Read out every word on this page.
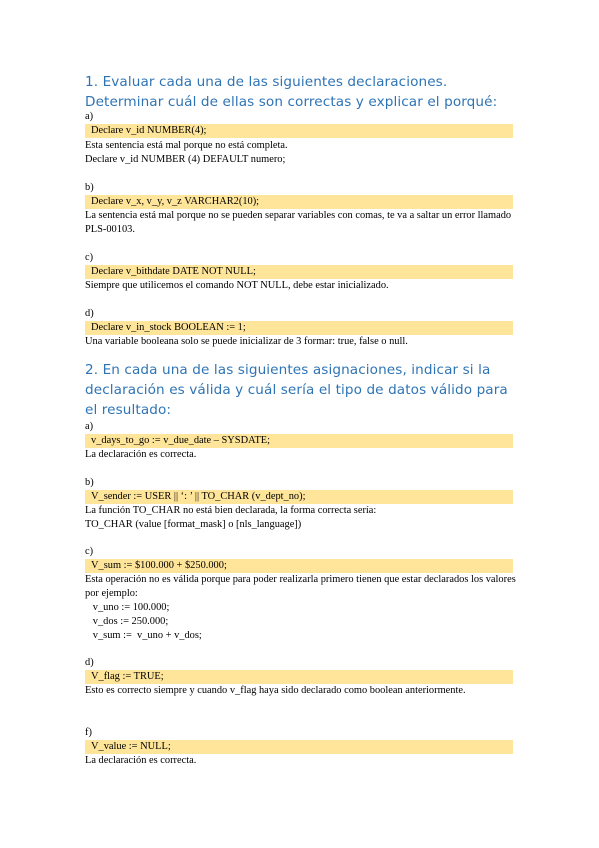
1. Evaluar cada una de las siguientes declaraciones. Determinar cuál de ellas son correctas y explicar el porqué:
a)
Declare v_id NUMBER(4);
Esta sentencia está mal porque no está completa.
Declare v_id NUMBER (4) DEFAULT numero;
b)
Declare v_x, v_y, v_z VARCHAR2(10);
La sentencia está mal porque no se pueden separar variables con comas, te va a saltar un error llamado PLS-00103.
c)
Declare v_bithdate DATE NOT NULL;
Siempre que utilicemos el comando NOT NULL, debe estar inicializado.
d)
Declare v_in_stock BOOLEAN := 1;
Una variable booleana solo se puede inicializar de 3 formar: true, false o null.
2. En cada una de las siguientes asignaciones, indicar si la declaración es válida y cuál sería el tipo de datos válido para el resultado:
a)
v_days_to_go := v_due_date – SYSDATE;
La declaración es correcta.
b)
V_sender := USER || ‘: ’ || TO_CHAR (v_dept_no);
La función TO_CHAR no está bien declarada, la forma correcta sería:
TO_CHAR (value [format_mask] o [nls_language])
c)
V_sum := $100.000 + $250.000;
Esta operación no es válida porque para poder realizarla primero tienen que estar declarados los valores por ejemplo:
v_uno := 100.000;
v_dos := 250.000;
v_sum :=  v_uno + v_dos;
d)
V_flag := TRUE;
Esto es correcto siempre y cuando v_flag haya sido declarado como boolean anteriormente.
f)
V_value := NULL;
La declaración es correcta.
